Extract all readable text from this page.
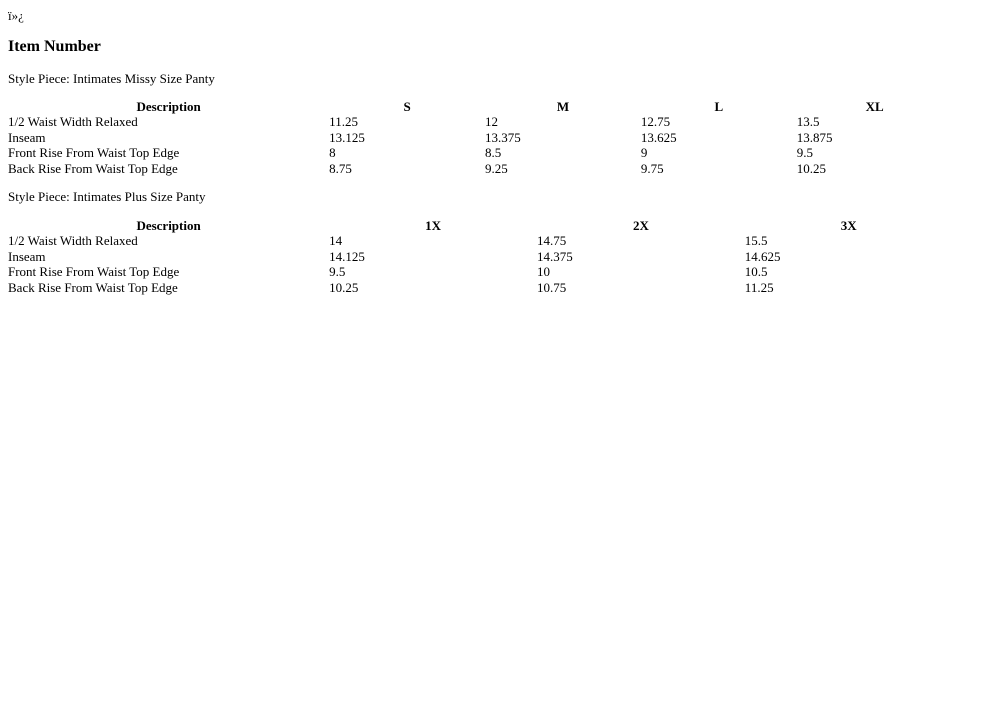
ï»¿

Item Number

Style Piece: Intimates Missy Size Panty

Description	S	M	L	XL
1/2 Waist Width Relaxed	11.25	12	12.75	13.5
Inseam	13.125	13.375	13.625	13.875
Front Rise From Waist Top Edge	8	8.5	9	9.5
Back Rise From Waist Top Edge	8.75	9.25	9.75	10.25

Style Piece: Intimates Plus Size Panty

Description	1X	2X	3X
1/2 Waist Width Relaxed	14	14.75	15.5
Inseam	14.125	14.375	14.625
Front Rise From Waist Top Edge	9.5	10	10.5
Back Rise From Waist Top Edge	10.25	10.75	11.25
